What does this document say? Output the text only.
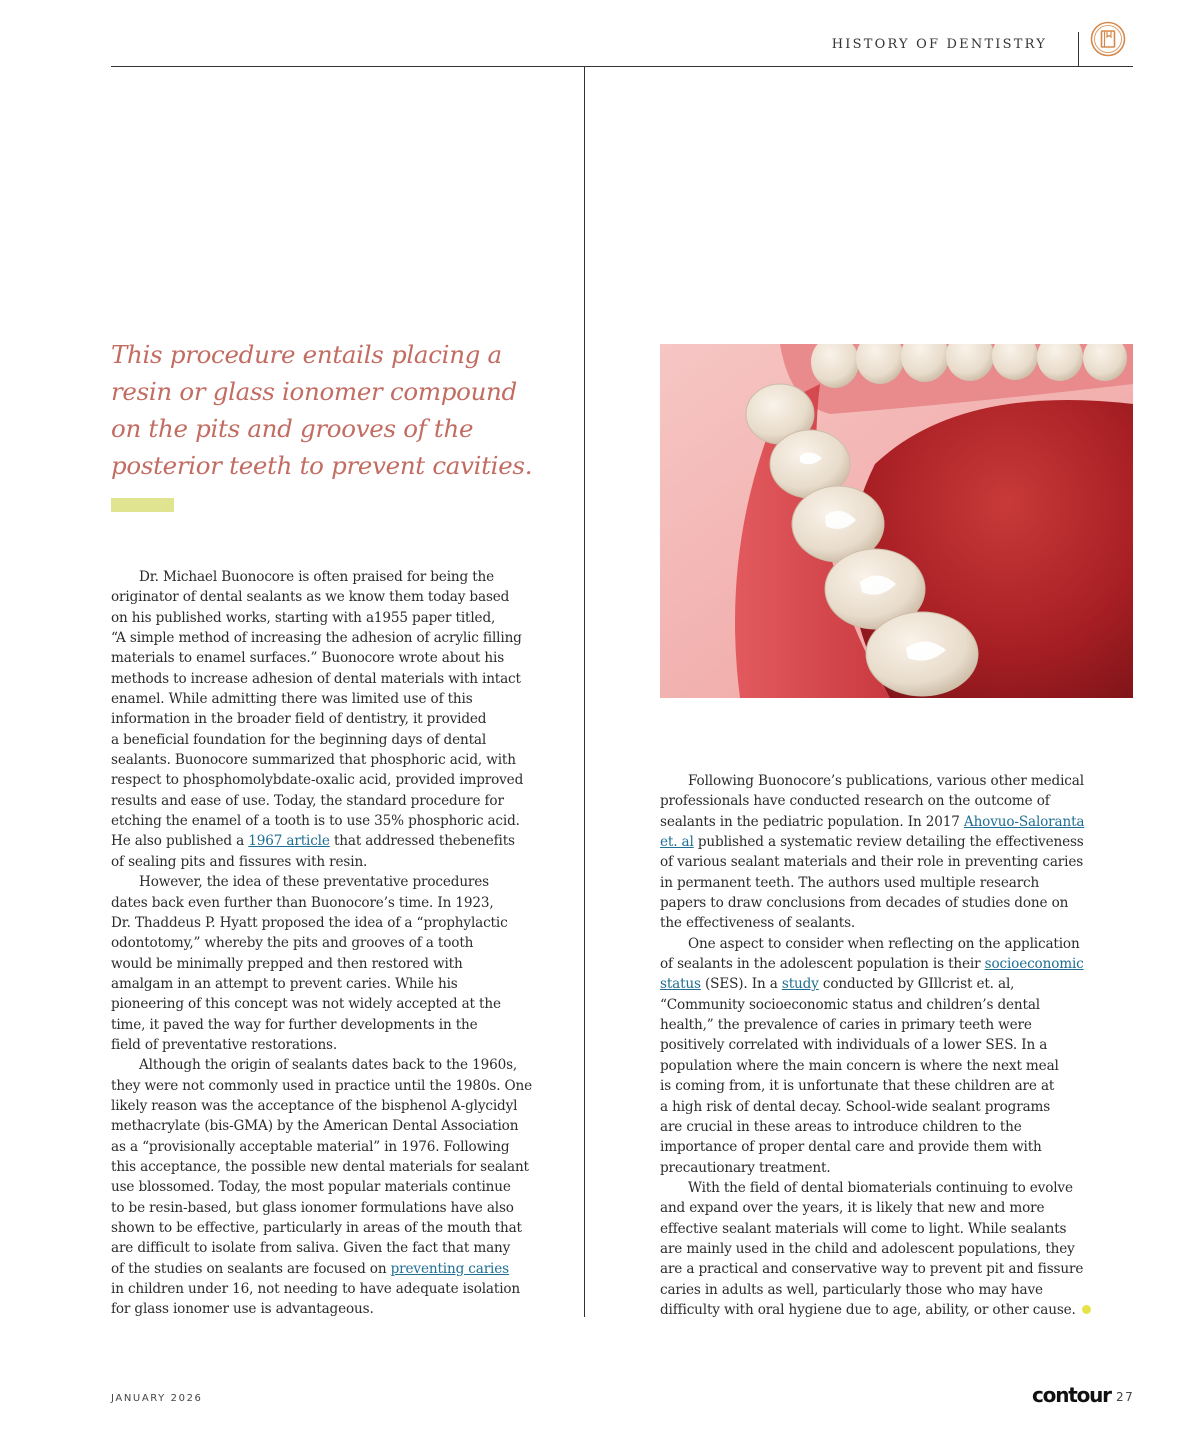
HISTORY OF DENTISTRY
This procedure entails placing a
resin or glass ionomer compound
on the pits and grooves of the
posterior teeth to prevent cavities.

Dr. Michael Buonocore is often praised for being the
originator of dental sealants as we know them today based
on his published works, starting with a1955 paper titled,
“A simple method of increasing the adhesion of acrylic filling
materials to enamel surfaces.” Buonocore wrote about his
methods to increase adhesion of dental materials with intact
enamel. While admitting there was limited use of this
information in the broader field of dentistry, it provided
a beneficial foundation for the beginning days of dental
sealants. Buonocore summarized that phosphoric acid, with
respect to phosphomolybdate-oxalic acid, provided improved
results and ease of use. Today, the standard procedure for
etching the enamel of a tooth is to use 35% phosphoric acid.
He also published a 1967 article that addressed thebenefits
of sealing pits and fissures with resin.

However, the idea of these preventative procedures
dates back even further than Buonocore’s time. In 1923,
Dr. Thaddeus P. Hyatt proposed the idea of a “prophylactic
odontotomy,” whereby the pits and grooves of a tooth
would be minimally prepped and then restored with
amalgam in an attempt to prevent caries. While his
pioneering of this concept was not widely accepted at the
time, it paved the way for further developments in the
field of preventative restorations.

Although the origin of sealants dates back to the 1960s,
they were not commonly used in practice until the 1980s. One
likely reason was the acceptance of the bisphenol A-glycidyl
methacrylate (bis-GMA) by the American Dental Association
as a “provisionally acceptable material” in 1976. Following
this acceptance, the possible new dental materials for sealant
use blossomed. Today, the most popular materials continue
to be resin-based, but glass ionomer formulations have also
shown to be effective, particularly in areas of the mouth that
are difficult to isolate from saliva. Given the fact that many
of the studies on sealants are focused on preventing caries
in children under 16, not needing to have adequate isolation
for glass ionomer use is advantageous.

Following Buonocore’s publications, various other medical
professionals have conducted research on the outcome of
sealants in the pediatric population. In 2017 Ahovuo-Saloranta
et. al published a systematic review detailing the effectiveness
of various sealant materials and their role in preventing caries
in permanent teeth. The authors used multiple research
papers to draw conclusions from decades of studies done on
the effectiveness of sealants.

One aspect to consider when reflecting on the application
of sealants in the adolescent population is their socioeconomic
status (SES). In a study conducted by GIllcrist et. al,
“Community socioeconomic status and children’s dental
health,” the prevalence of caries in primary teeth were
positively correlated with individuals of a lower SES. In a
population where the main concern is where the next meal
is coming from, it is unfortunate that these children are at
a high risk of dental decay. School-wide sealant programs
are crucial in these areas to introduce children to the
importance of proper dental care and provide them with
precautionary treatment.

With the field of dental biomaterials continuing to evolve
and expand over the years, it is likely that new and more
effective sealant materials will come to light. While sealants
are mainly used in the child and adolescent populations, they
are a practical and conservative way to prevent pit and fissure
caries in adults as well, particularly those who may have
difficulty with oral hygiene due to age, ability, or other cause.

JANUARY 2026	contour 27
